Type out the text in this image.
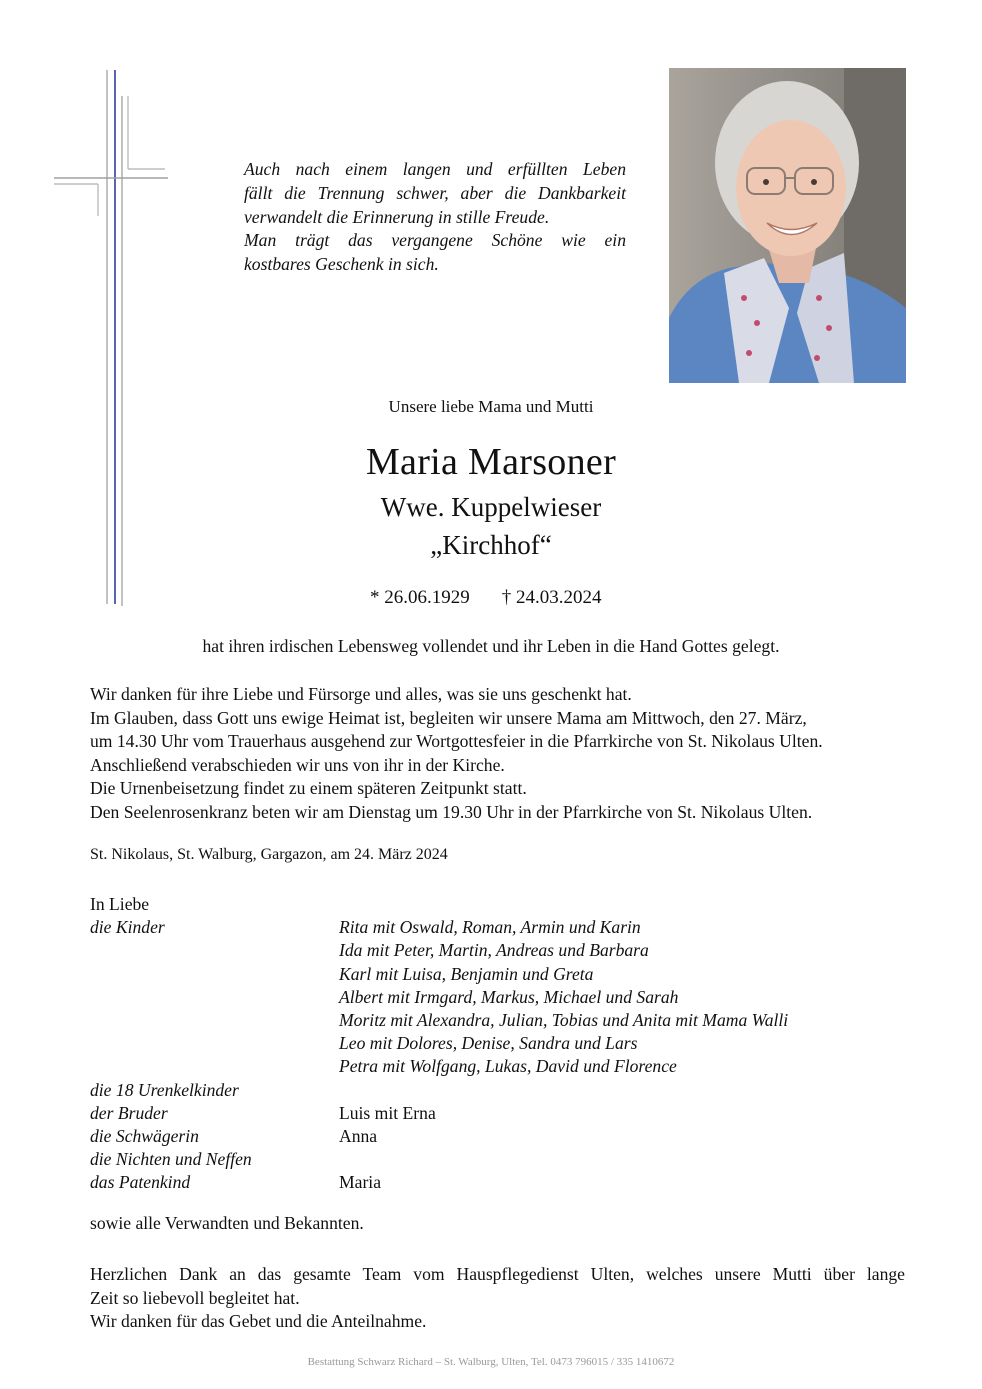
Auch nach einem langen und erfüllten Leben
fällt die Trennung schwer, aber die Dankbarkeit
verwandelt die Erinnerung in stille Freude.
Man trägt das vergangene Schöne wie ein
kostbares Geschenk in sich.
Unsere liebe Mama und Mutti
Maria Marsoner
Wwe. Kuppelwieser
„Kirchhof“
* 26.06.1929 † 24.03.2024
hat ihren irdischen Lebensweg vollendet und ihr Leben in die Hand Gottes gelegt.
Wir danken für ihre Liebe und Fürsorge und alles, was sie uns geschenkt hat.
Im Glauben, dass Gott uns ewige Heimat ist, begleiten wir unsere Mama am Mittwoch, den 27. März,
um 14.30 Uhr vom Trauerhaus ausgehend zur Wortgottesfeier in die Pfarrkirche von St. Nikolaus Ulten.
Anschließend verabschieden wir uns von ihr in der Kirche.
Die Urnenbeisetzung findet zu einem späteren Zeitpunkt statt.
Den Seelenrosenkranz beten wir am Dienstag um 19.30 Uhr in der Pfarrkirche von St. Nikolaus Ulten.
St. Nikolaus, St. Walburg, Gargazon, am 24. März 2024
In Liebe
die Kinder	Rita mit Oswald, Roman, Armin und Karin
Ida mit Peter, Martin, Andreas und Barbara
Karl mit Luisa, Benjamin und Greta
Albert mit Irmgard, Markus, Michael und Sarah
Moritz mit Alexandra, Julian, Tobias und Anita mit Mama Walli
Leo mit Dolores, Denise, Sandra und Lars
Petra mit Wolfgang, Lukas, David und Florence
die 18 Urenkelkinder
der Bruder	Luis mit Erna
die Schwägerin	Anna
die Nichten und Neffen
das Patenkind	Maria
sowie alle Verwandten und Bekannten.
Herzlichen Dank an das gesamte Team vom Hauspflegedienst Ulten, welches unsere Mutti über lange
Zeit so liebevoll begleitet hat.
Wir danken für das Gebet und die Anteilnahme.
Bestattung Schwarz Richard – St. Walburg, Ulten, Tel. 0473 796015 / 335 1410672
